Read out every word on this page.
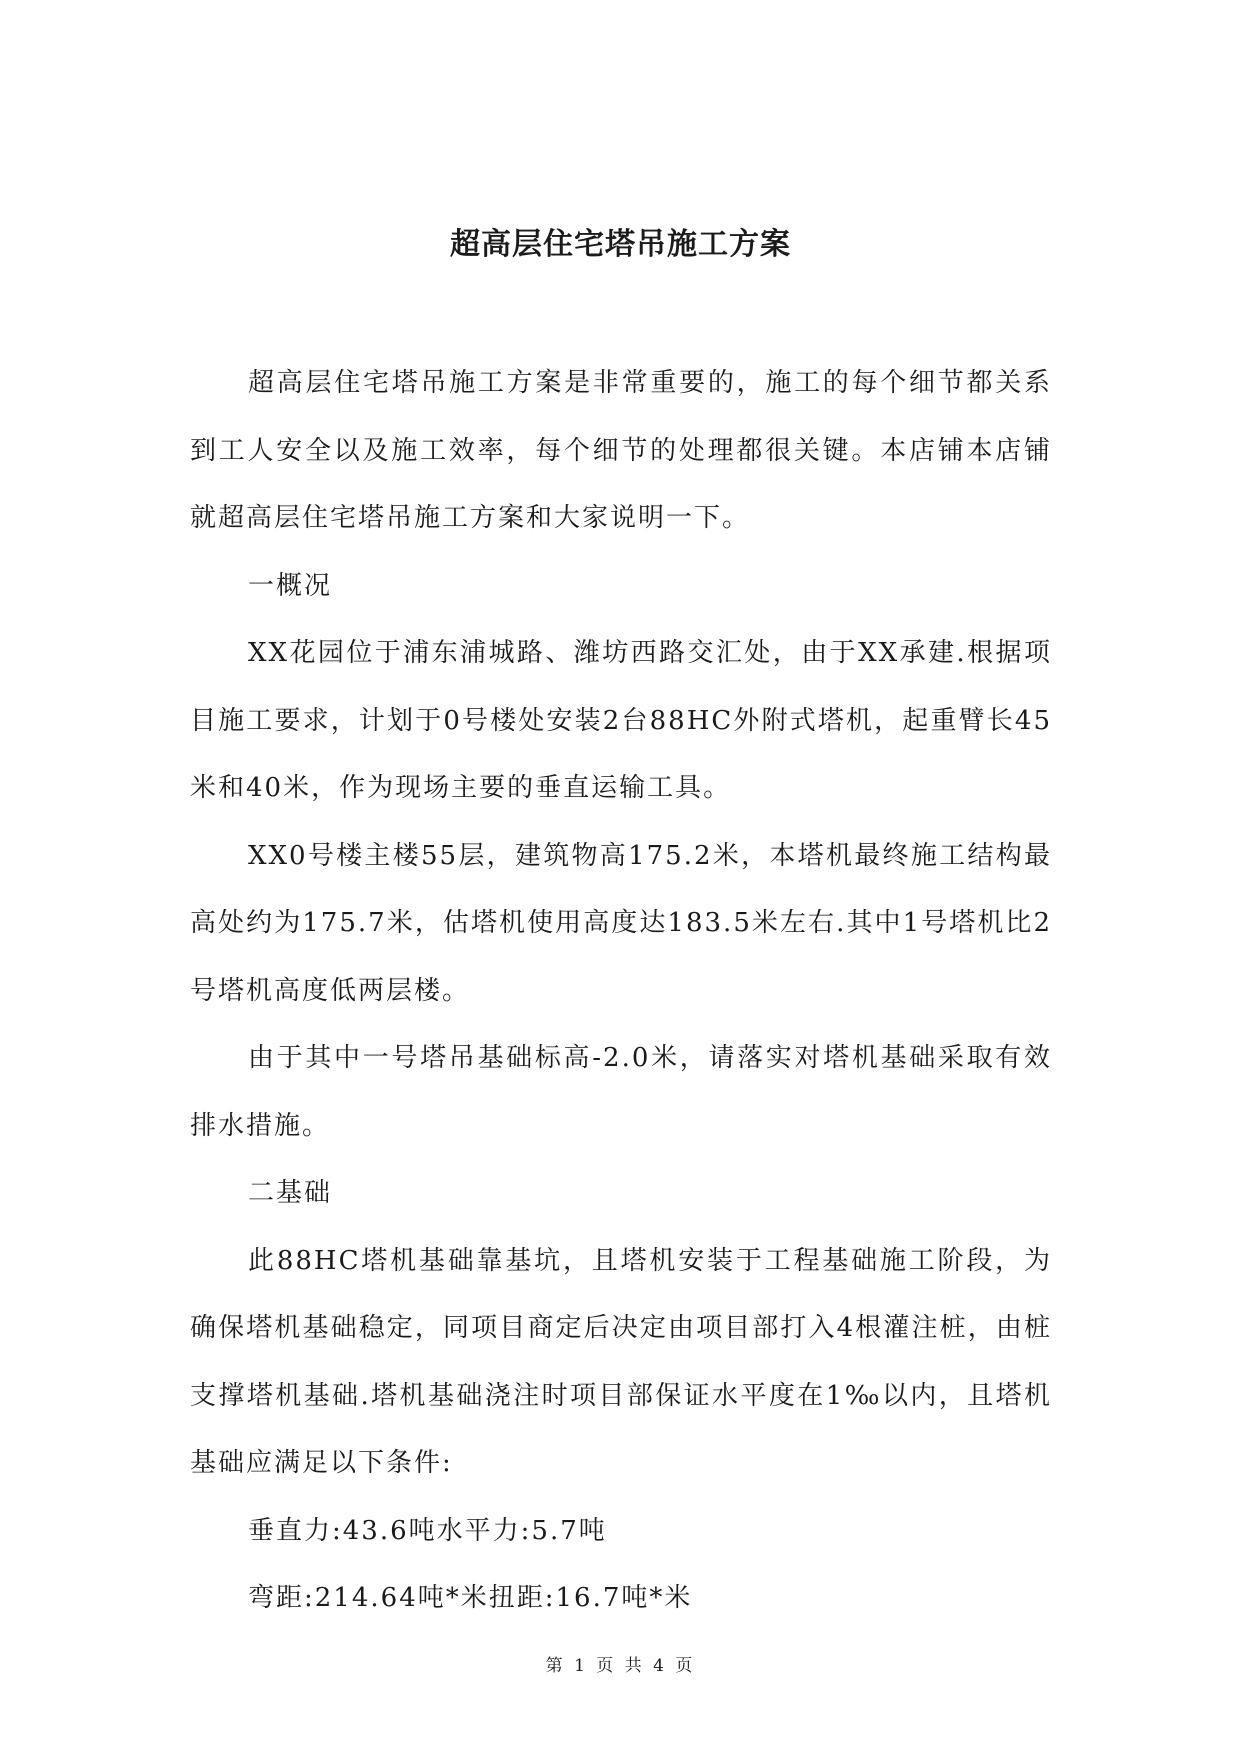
超高层住宅塔吊施工方案

超高层住宅塔吊施工方案是非常重要的，施工的每个细节都关系到工人安全以及施工效率，每个细节的处理都很关键。本店铺本店铺就超高层住宅塔吊施工方案和大家说明一下。

一概况

XX花园位于浦东浦城路、潍坊西路交汇处，由于XX承建.根据项目施工要求，计划于0号楼处安装2台88HC外附式塔机，起重臂长45米和40米，作为现场主要的垂直运输工具。

XX0号楼主楼55层，建筑物高175.2米，本塔机最终施工结构最高处约为175.7米，估塔机使用高度达183.5米左右.其中1号塔机比2号塔机高度低两层楼。

由于其中一号塔吊基础标高-2.0米，请落实对塔机基础采取有效排水措施。

二基础

此88HC塔机基础靠基坑，且塔机安装于工程基础施工阶段，为确保塔机基础稳定，同项目商定后决定由项目部打入4根灌注桩，由桩支撑塔机基础.塔机基础浇注时项目部保证水平度在1‰以内，且塔机基础应满足以下条件:

垂直力:43.6吨水平力:5.7吨

弯距:214.64吨*米扭距:16.7吨*米

第 1 页 共 4 页
